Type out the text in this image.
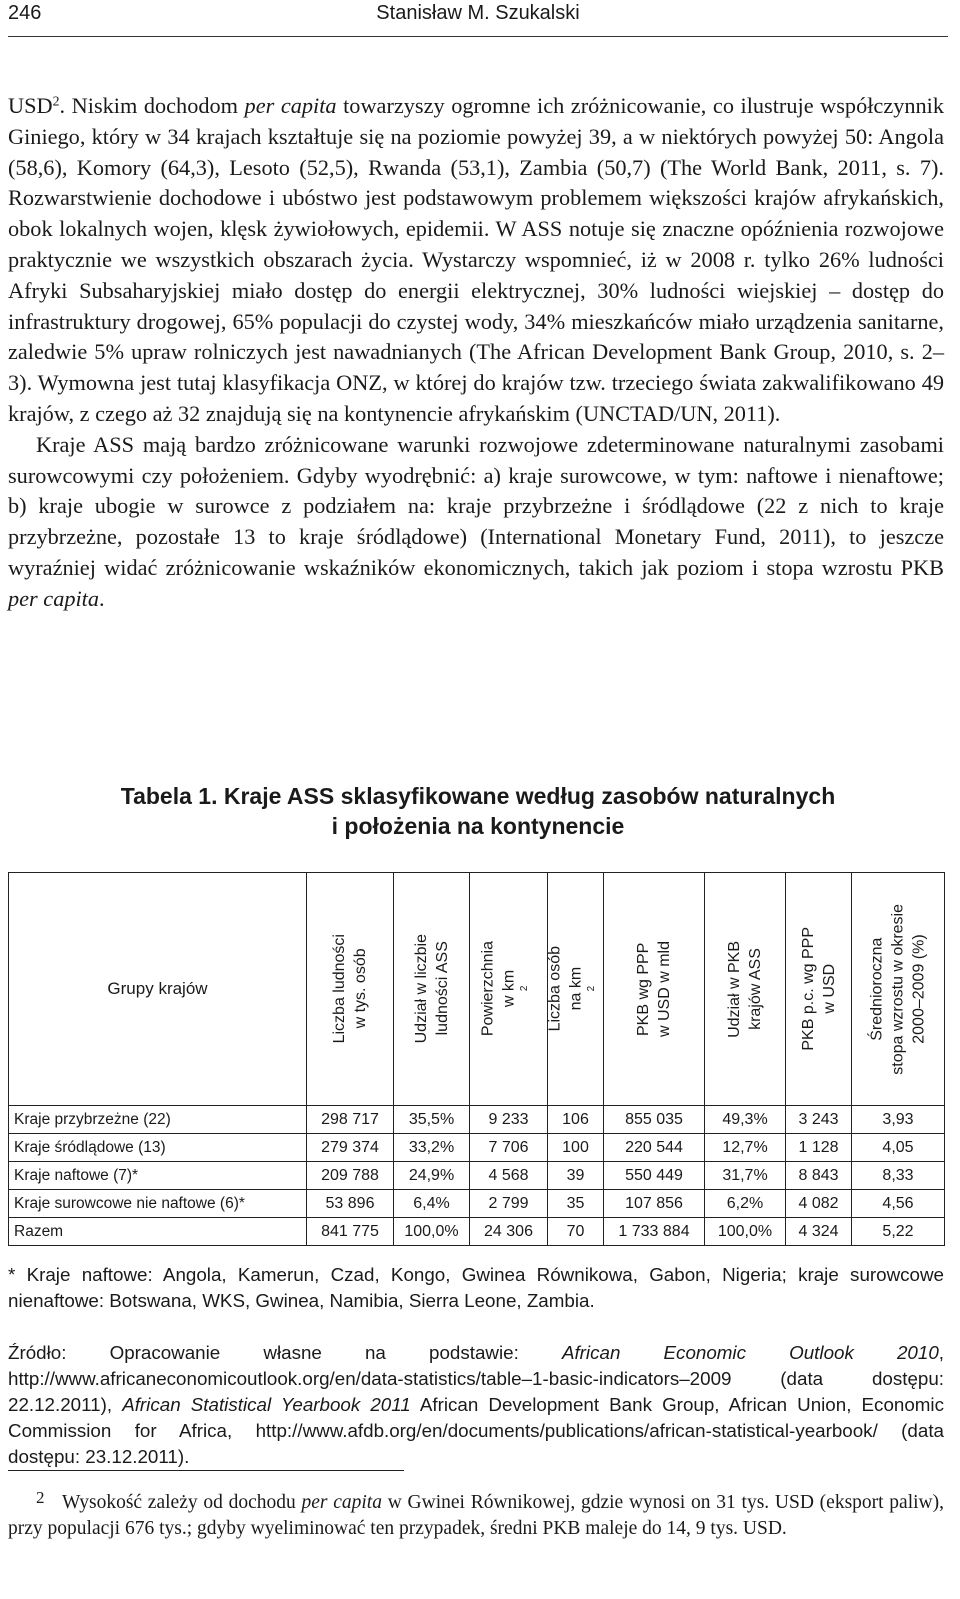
246	Stanisław M. Szukalski

USD$^2$. Niskim dochodom per capita towarzyszy ogromne ich zróżnicowanie, co ilustruje współczynnik Giniego, który w 34 krajach kształtuje się na poziomie powyżej 39, a w niektórych powyżej 50: Angola (58,6), Komory (64,3), Lesoto (52,5), Rwanda (53,1), Zambia (50,7) (The World Bank, 2011, s. 7). Rozwarstwienie dochodowe i ubóstwo jest podstawowym problemem większości krajów afrykańskich, obok lokalnych wojen, klęsk żywiołowych, epidemii. W ASS notuje się znaczne opóźnienia rozwojowe praktycznie we wszystkich obszarach życia. Wystarczy wspomnieć, iż w 2008 r. tylko 26% ludności Afryki Subsaharyjskiej miało dostęp do energii elektrycznej, 30% ludności wiejskiej – dostęp do infrastruktury drogowej, 65% populacji do czystej wody, 34% mieszkańców miało urządzenia sanitarne, zaledwie 5% upraw rolniczych jest nawadnianych (The African Development Bank Group, 2010, s. 2–3). Wymowna jest tutaj klasyfikacja ONZ, w której do krajów tzw. trzeciego świata zakwalifikowano 49 krajów, z czego aż 32 znajdują się na kontynencie afrykańskim (UNCTAD/UN, 2011).

Kraje ASS mają bardzo zróżnicowane warunki rozwojowe zdeterminowane naturalnymi zasobami surowcowymi czy położeniem. Gdyby wyodrębnić: a) kraje surowcowe, w tym: naftowe i nienaftowe; b) kraje ubogie w surowce z podziałem na: kraje przybrzeżne i śródlądowe (22 z nich to kraje przybrzeżne, pozostałe 13 to kraje śródlądowe) (International Monetary Fund, 2011), to jeszcze wyraźniej widać zróżnicowanie wskaźników ekonomicznych, takich jak poziom i stopa wzrostu PKB per capita.

Tabela 1. Kraje ASS sklasyfikowane według zasobów naturalnych
i położenia na kontynencie
Grupy krajów	Liczba ludności w tys. osób	Udział w liczbie ludności ASS	Powierzchnia w km $^2$	Liczba osób na km $^2$	PKB wg PPP w USD w mld	Udział w PKB krajów ASS	PKB p.c. wg PPP w USD	Średnioroczna stopa wzrostu w okresie 2000–2009 (%)

Kraje przybrzeżne (22)	298 717	35,5%	9 233	106	855 035	49,3%	3 243	3,93
Kraje śródlądowe (13)	279 374	33,2%	7 706	100	220 544	12,7%	1 128	4,05
Kraje naftowe (7)*	209 788	24,9%	4 568	39	550 449	31,7%	8 843	8,33
Kraje surowcowe nie naftowe (6)*	53 896	6,4%	2 799	35	107 856	6,2%	4 082	4,56
Razem	841 775	100,0%	24 306	70	1 733 884	100,0%	4 324	5,22

* Kraje naftowe: Angola, Kamerun, Czad, Kongo, Gwinea Równikowa, Gabon, Nigeria; kraje surowcowe nienaftowe: Botswana, WKS, Gwinea, Namibia, Sierra Leone, Zambia.

Źródło: Opracowanie własne na podstawie: African Economic Outlook 2010, http://www.africaneconomicoutlook.org/en/data-statistics/table–1-basic-indicators–2009 (data dostępu: 22.12.2011), African Statistical Yearbook 2011 African Development Bank Group, African Union, Economic Commission for Africa, http://www.afdb.org/en/documents/publications/african-statistical-yearbook/ (data dostępu: 23.12.2011).

2 Wysokość zależy od dochodu per capita w Gwinei Równikowej, gdzie wynosi on 31 tys. USD (eksport paliw), przy populacji 676 tys.; gdyby wyeliminować ten przypadek, średni PKB maleje do 14, 9 tys. USD.
